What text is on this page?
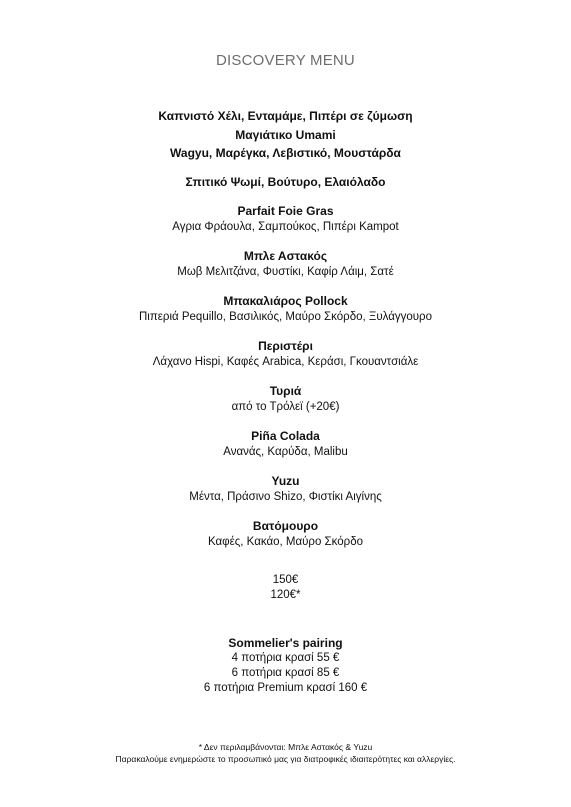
DISCOVERY MENU
Καπνιστό Χέλι, Ενταμάμε, Πιπέρι σε ζύμωση
Μαγιάτικο Umami
Wagyu, Μαρέγκα, Λεβιστικό, Μουστάρδα
Σπιτικό Ψωμί, Βούτυρο, Ελαιόλαδο
Parfait Foie Gras
Αγρια Φράουλα, Σαμπούκος, Πιπέρι Kampot
Μπλε Αστακός
Μωβ Μελιτζάνα, Φυστίκι, Καφίρ Λάιμ, Σατέ
Μπακαλιάρος Pollock
Πιπεριά Pequillo, Βασιλικός, Μαύρο Σκόρδο, Ξυλάγγουρο
Περιστέρι
Λάχανο Hispi, Καφές Arabica, Κεράσι, Γκουαντσιάλε
Τυριά
από το Τρόλεϊ (+20€)
Piña Colada
Ανανάς, Καρύδα, Malibu
Yuzu
Μέντα, Πράσινο Shizo, Φιστίκι Αιγίνης
Βατόμουρο
Καφές, Κακάο, Μαύρο Σκόρδο
150€
120€*
Sommelier's pairing
4 ποτήρια κρασί 55 €
6 ποτήρια κρασί 85 €
6 ποτήρια Premium κρασί 160 €
* Δεν περιλαμβάνονται: Μπλε Αστακός & Yuzu
Παρακαλούμε ενημερώστε το προσωπικό μας για διατροφικές ιδιαιτερότητες και αλλεργίες.
